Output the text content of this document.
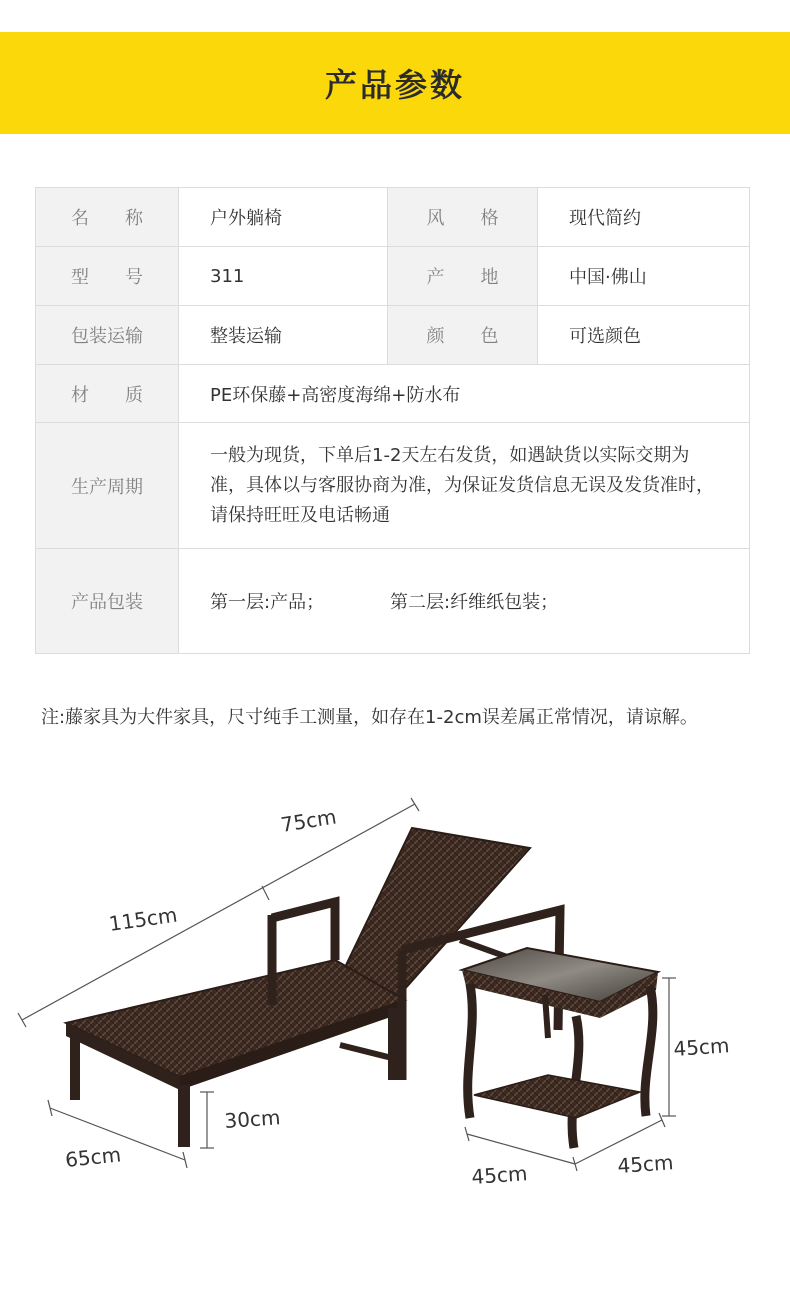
产品参数
名　　称	户外躺椅	风　　格	现代简约
型　　号	311	产　　地	中国·佛山
包装运输	整装运输	颜　　色	可选颜色
材　　质	PE环保藤+高密度海绵+防水布		
生产周期	一般为现货，下单后1-2天左右发货，如遇缺货以实际交期为准，具体以与客服协商为准，为保证发货信息无误及发货准时，请保持旺旺及电话畅通		
产品包装	第一层:产品； 第二层:纤维纸包装；		
注:藤家具为大件家具，尺寸纯手工测量，如存在1-2cm误差属正常情况，请谅解。
75cm
115cm
65cm
30cm
45cm
45cm	45cm
